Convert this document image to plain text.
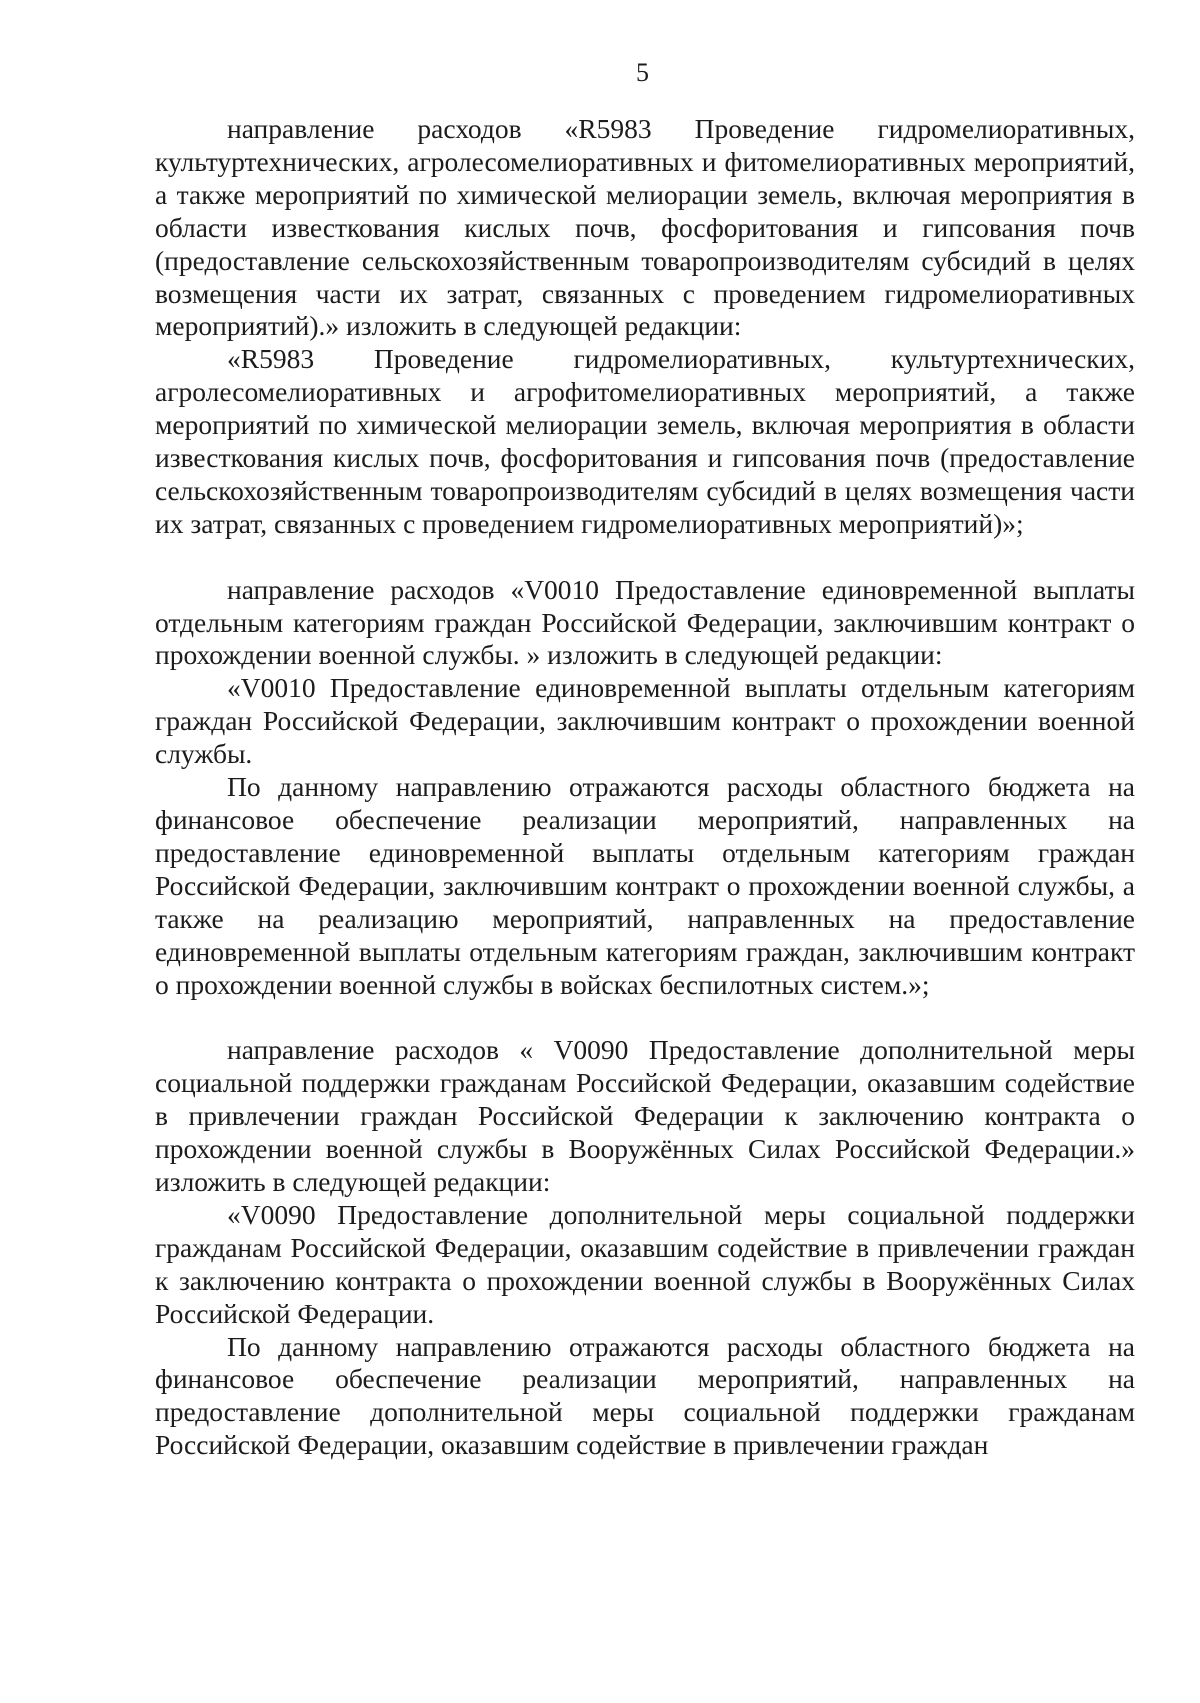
5

направление расходов «R5983 Проведение гидромелиоративных, культуртехнических, агролесомелиоративных и фитомелиоративных мероприятий, а также мероприятий по химической мелиорации земель, включая мероприятия в области известкования кислых почв, фосфоритования и гипсования почв (предоставление сельскохозяйственным товаропроизводителям субсидий в целях возмещения части их затрат, связанных с проведением гидромелиоративных мероприятий).» изложить в следующей редакции:

«R5983 Проведение гидромелиоративных, культуртехнических, агролесомелиоративных и агрофитомелиоративных мероприятий, а также мероприятий по химической мелиорации земель, включая мероприятия в области известкования кислых почв, фосфоритования и гипсования почв (предоставление сельскохозяйственным товаропроизводителям субсидий в целях возмещения части их затрат, связанных с проведением гидромелиоративных мероприятий)»;

направление расходов «V0010 Предоставление единовременной выплаты отдельным категориям граждан Российской Федерации, заключившим контракт о прохождении военной службы. » изложить в следующей редакции:

«V0010 Предоставление единовременной выплаты отдельным категориям граждан Российской Федерации, заключившим контракт о прохождении военной службы.

По данному направлению отражаются расходы областного бюджета на финансовое обеспечение реализации мероприятий, направленных на предоставление единовременной выплаты отдельным категориям граждан Российской Федерации, заключившим контракт о прохождении военной службы, а также на реализацию мероприятий, направленных на предоставление единовременной выплаты отдельным категориям граждан, заключившим контракт о прохождении военной службы в войсках беспилотных систем.»;

направление расходов « V0090 Предоставление дополнительной меры социальной поддержки гражданам Российской Федерации, оказавшим содействие в привлечении граждан Российской Федерации к заключению контракта о прохождении военной службы в Вооружённых Силах Российской Федерации.» изложить в следующей редакции:

«V0090 Предоставление дополнительной меры социальной поддержки гражданам Российской Федерации, оказавшим содействие в привлечении граждан к заключению контракта о прохождении военной службы в Вооружённых Силах Российской Федерации.

По данному направлению отражаются расходы областного бюджета на финансовое обеспечение реализации мероприятий, направленных на предоставление дополнительной меры социальной поддержки гражданам Российской Федерации, оказавшим содействие в привлечении граждан
